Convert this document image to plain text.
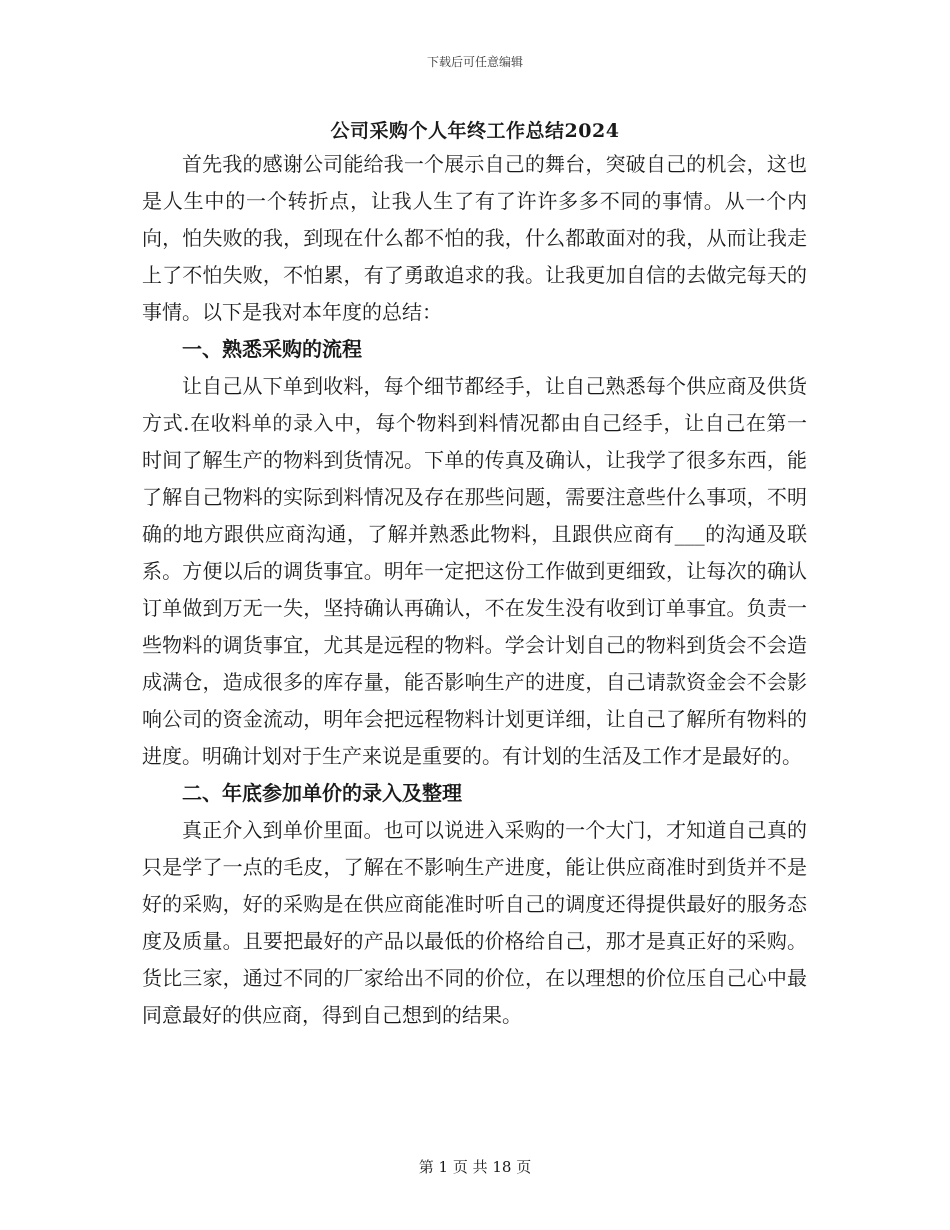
下载后可任意编辑
公司采购个人年终工作总结2024

首先我的感谢公司能给我一个展示自己的舞台，突破自己的机会，这也是人生中的一个转折点，让我人生了有了许许多多不同的事情。从一个内向，怕失败的我，到现在什么都不怕的我，什么都敢面对的我，从而让我走上了不怕失败，不怕累，有了勇敢追求的我。让我更加自信的去做完每天的事情。以下是我对本年度的总结：

一、熟悉采购的流程

让自己从下单到收料，每个细节都经手，让自己熟悉每个供应商及供货方式.在收料单的录入中，每个物料到料情况都由自己经手，让自己在第一时间了解生产的物料到货情况。下单的传真及确认，让我学了很多东西，能了解自己物料的实际到料情况及存在那些问题，需要注意些什么事项，不明确的地方跟供应商沟通，了解并熟悉此物料，且跟供应商有___的沟通及联系。方便以后的调货事宜。明年一定把这份工作做到更细致，让每次的确认订单做到万无一失，坚持确认再确认，不在发生没有收到订单事宜。负责一些物料的调货事宜，尤其是远程的物料。学会计划自己的物料到货会不会造成满仓，造成很多的库存量，能否影响生产的进度，自己请款资金会不会影响公司的资金流动，明年会把远程物料计划更详细，让自己了解所有物料的进度。明确计划对于生产来说是重要的。有计划的生活及工作才是最好的。

二、年底参加单价的录入及整理

真正介入到单价里面。也可以说进入采购的一个大门，才知道自己真的只是学了一点的毛皮，了解在不影响生产进度，能让供应商准时到货并不是好的采购，好的采购是在供应商能准时听自己的调度还得提供最好的服务态度及质量。且要把最好的产品以最低的价格给自己，那才是真正好的采购。货比三家，通过不同的厂家给出不同的价位，在以理想的价位压自己心中最同意最好的供应商，得到自己想到的结果。

第 1 页 共 18 页
